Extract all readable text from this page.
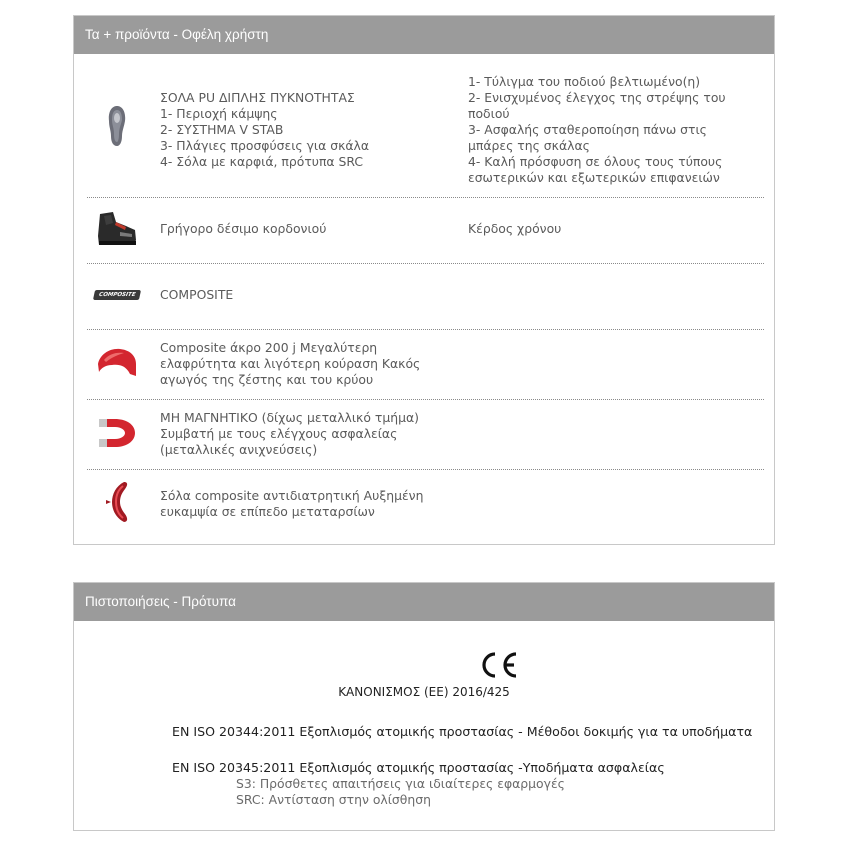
Τα + προϊόντα - Οφέλη χρήστη
ΣΟΛΑ PU ΔΙΠΛΗΣ ΠΥΚΝΟΤΗΤΑΣ
1- Περιοχή κάμψης
2- ΣΥΣΤΗΜΑ V STAB
3- Πλάγιες προσφύσεις για σκάλα
4- Σόλα με καρφιά, πρότυπα SRC
1- Τύλιγμα του ποδιού βελτιωμένο(η)
2- Ενισχυμένος έλεγχος της στρέψης του ποδιού
3- Ασφαλής σταθεροποίηση πάνω στις μπάρες της σκάλας
4- Καλή πρόσφυση σε όλους τους τύπους εσωτερικών και εξωτερικών επιφανειών
Γρήγορο δέσιμο κορδονιού	Κέρδος χρόνου
COMPOSITE	COMPOSITE
Composite άκρο 200 j Μεγαλύτερη ελαφρύτητα και λιγότερη κούραση Κακός αγωγός της ζέστης και του κρύου
ΜΗ ΜΑΓΝΗΤΙΚΟ (δίχως μεταλλικό τμήμα) Συμβατή με τους ελέγχους ασφαλείας (μεταλλικές ανιχνεύσεις)
Σόλα composite αντιδιατρητική Αυξημένη ευκαμψία σε επίπεδο μεταταρσίων
Πιστοποιήσεις - Πρότυπα
ΚΑΝΟΝΙΣΜΟΣ (ΕΕ) 2016/425
EN ISO 20344:2011 Εξοπλισμός ατομικής προστασίας - Μέθοδοι δοκιμής για τα υποδήματα
EN ISO 20345:2011 Εξοπλισμός ατομικής προστασίας -Υποδήματα ασφαλείας
S3: Πρόσθετες απαιτήσεις για ιδιαίτερες εφαρμογές
SRC: Αντίσταση στην ολίσθηση
